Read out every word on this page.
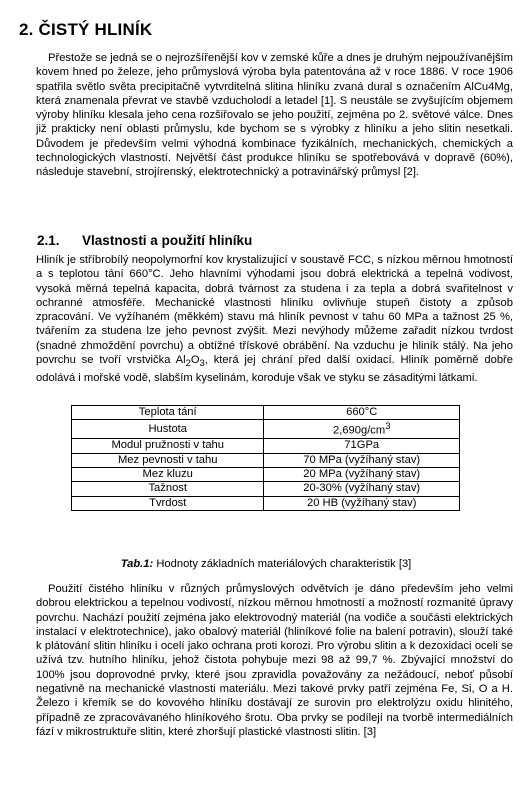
2. ČISTÝ HLINÍK

Přestože se jedná se o nejrozšířenější kov v zemské kůře a dnes je druhým nejpoužívanějším kovem hned po železe, jeho průmyslová výroba byla patentována až v roce 1886. V roce 1906 spatřila světlo světa precipitačně vytvrditelná slitina hliníku zvaná dural s označením AlCu4Mg, která znamenala převrat ve stavbě vzducholodí a letadel [1]. S neustále se zvyšujícím objemem výroby hliníku klesala jeho cena rozšiřovalo se jeho použití, zejména po 2. světové válce. Dnes již prakticky není oblasti průmyslu, kde bychom se s výrobky z hliníku a jeho slitin nesetkali. Důvodem je především velmi výhodná kombinace fyzikálních, mechanických, chemických a technologických vlastností. Největší část produkce hliníku se spotřebovává v dopravě (60%), následuje stavební, strojírenský, elektrotechnický a potravinářský průmysl [2].

2.1. Vlastnosti a použití hliníku

Hliník je stříbrobílý neopolymorfní kov krystalizující v soustavě FCC, s nízkou měrnou hmotností a s teplotou tání 660°C. Jeho hlavními výhodami jsou dobrá elektrická a tepelná vodivost, vysoká měrná tepelná kapacita, dobrá tvárnost za studena i za tepla a dobrá svařitelnost v ochranné atmosféře. Mechanické vlastnosti hliníku ovlivňuje stupeň čistoty a způsob zpracování. Ve vyžíhaném (měkkém) stavu má hliník pevnost v tahu 60 MPa a tažnost 25 %, tvářením za studena lze jeho pevnost zvýšit. Mezi nevýhody můžeme zařadit nízkou tvrdost (snadné zhmoždění povrchu) a obtížné třískové obrábění. Na vzduchu je hliník stálý. Na jeho povrchu se tvoří vrstvička $Al_2O_3$, která jej chrání před další oxidací. Hliník poměrně dobře odolává i mořské vodě, slabším kyselinám, koroduje však ve styku se zásaditými látkami.

Teplota tání	660°C
Hustota	$2,690g/cm^3$
Modul pružnosti v tahu	71GPa
Mez pevnosti v tahu	70 MPa (vyžíhaný stav)
Mez kluzu	20 MPa (vyžíhaný stav)
Tažnost	20-30% (vyžíhaný stav)
Tvrdost	20 HB (vyžíhaný stav)
Tab.1: Hodnoty základních materiálových charakteristik [3]

Použití čistého hliníku v různých průmyslových odvětvích je dáno především jeho velmi dobrou elektrickou a tepelnou vodivostí, nízkou měrnou hmotností a možností rozmanité úpravy povrchu. Nachází použití zejména jako elektrovodný materiál (na vodiče a součásti elektrických instalací v elektrotechnice), jako obalový materiál (hliníkové folie na balení potravin), slouží také k plátování slitin hliníku i ocelí jako ochrana proti korozi. Pro výrobu slitin a k dezoxidaci oceli se užívá tzv. hutního hliníku, jehož čistota pohybuje mezi 98 až 99,7 %. Zbývající množství do 100% jsou doprovodné prvky, které jsou zpravidla považovány za nežádoucí, neboť působí negativně na mechanické vlastnosti materiálu. Mezi takové prvky patří zejména Fe, Si, O a H. Železo i křemík se do kovového hliníku dostávají ze surovin pro elektrolýzu oxidu hlinitého, případně ze zpracovávaného hliníkového šrotu. Oba prvky se podílejí na tvorbě intermediálních fází v mikrostruktuře slitin, které zhoršují plastické vlastnosti slitin. [3]
